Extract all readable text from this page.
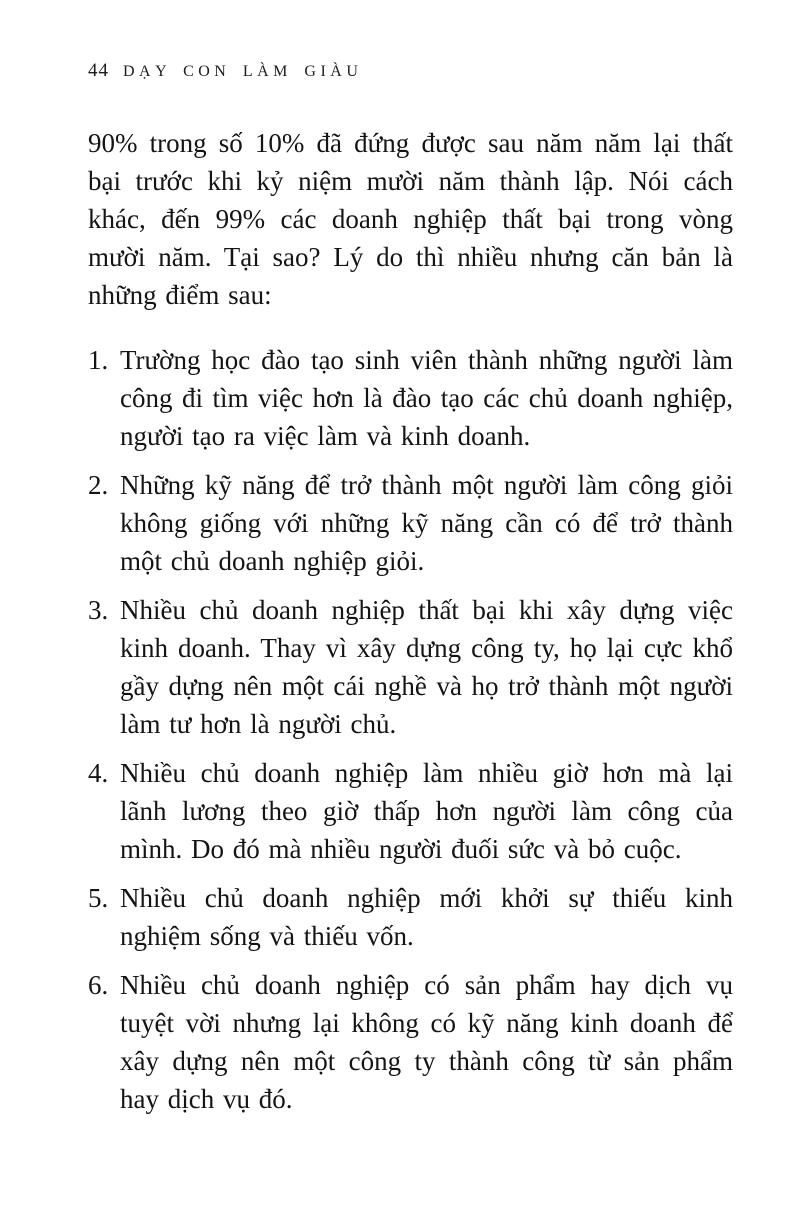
44 DẠY CON LÀM GIÀU

90% trong số 10% đã đứng được sau năm năm lại thất bại trước khi kỷ niệm mười năm thành lập. Nói cách khác, đến 99% các doanh nghiệp thất bại trong vòng mười năm. Tại sao? Lý do thì nhiều nhưng căn bản là những điểm sau:

1. Trường học đào tạo sinh viên thành những người làm công đi tìm việc hơn là đào tạo các chủ doanh nghiệp, người tạo ra việc làm và kinh doanh.
2. Những kỹ năng để trở thành một người làm công giỏi không giống với những kỹ năng cần có để trở thành một chủ doanh nghiệp giỏi.
3. Nhiều chủ doanh nghiệp thất bại khi xây dựng việc kinh doanh. Thay vì xây dựng công ty, họ lại cực khổ gầy dựng nên một cái nghề và họ trở thành một người làm tư hơn là người chủ.
4. Nhiều chủ doanh nghiệp làm nhiều giờ hơn mà lại lãnh lương theo giờ thấp hơn người làm công của mình. Do đó mà nhiều người đuối sức và bỏ cuộc.
5. Nhiều chủ doanh nghiệp mới khởi sự thiếu kinh nghiệm sống và thiếu vốn.
6. Nhiều chủ doanh nghiệp có sản phẩm hay dịch vụ tuyệt vời nhưng lại không có kỹ năng kinh doanh để xây dựng nên một công ty thành công từ sản phẩm hay dịch vụ đó.
